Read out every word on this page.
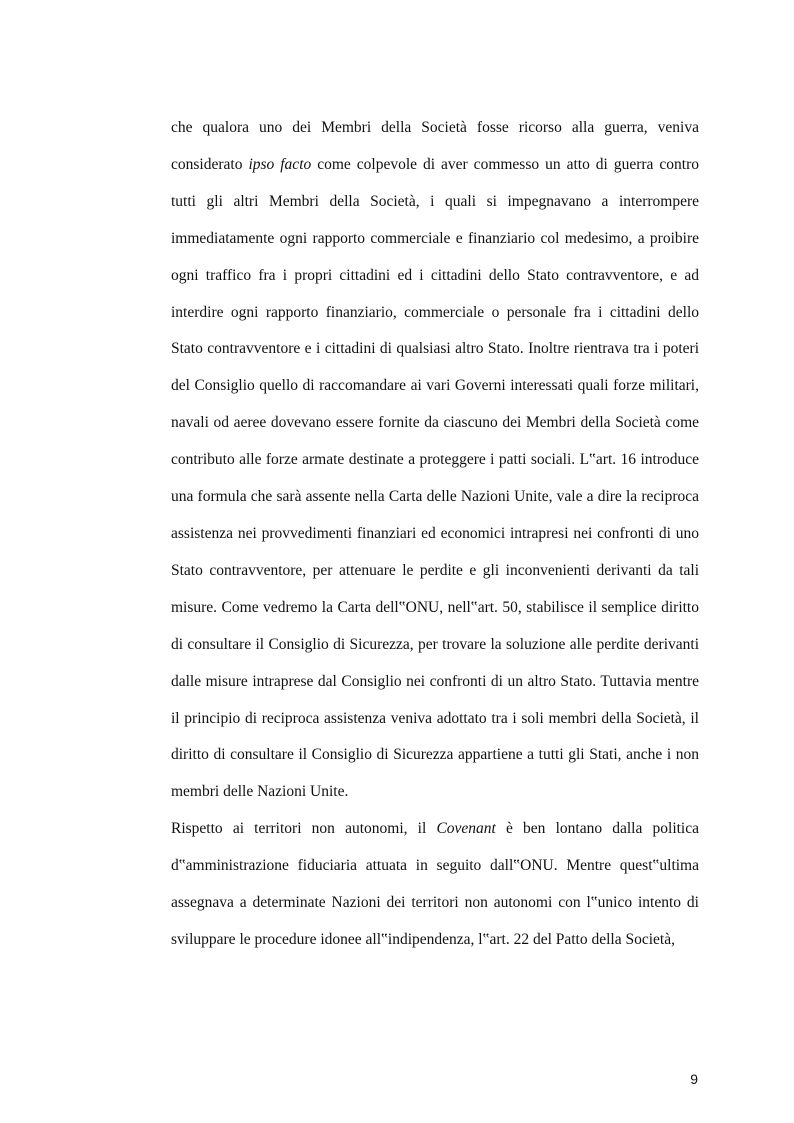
che qualora uno dei Membri della Società fosse ricorso alla guerra, veniva considerato ipso facto come colpevole di aver commesso un atto di guerra contro tutti gli altri Membri della Società, i quali si impegnavano a interrompere immediatamente ogni rapporto commerciale e finanziario col medesimo, a proibire ogni traffico fra i propri cittadini ed i cittadini dello Stato contravventore, e ad interdire ogni rapporto finanziario, commerciale o personale fra i cittadini dello Stato contravventore e i cittadini di qualsiasi altro Stato. Inoltre rientrava tra i poteri del Consiglio quello di raccomandare ai vari Governi interessati quali forze militari, navali od aeree dovevano essere fornite da ciascuno dei Membri della Società come contributo alle forze armate destinate a proteggere i patti sociali. L‟art. 16 introduce una formula che sarà assente nella Carta delle Nazioni Unite, vale a dire la reciproca assistenza nei provvedimenti finanziari ed economici intrapresi nei confronti di uno Stato contravventore, per attenuare le perdite e gli inconvenienti derivanti da tali misure. Come vedremo la Carta dell‟ONU, nell‟art. 50, stabilisce il semplice diritto di consultare il Consiglio di Sicurezza, per trovare la soluzione alle perdite derivanti dalle misure intraprese dal Consiglio nei confronti di un altro Stato. Tuttavia mentre il principio di reciproca assistenza veniva adottato tra i soli membri della Società, il diritto di consultare il Consiglio di Sicurezza appartiene a tutti gli Stati, anche i non membri delle Nazioni Unite.

Rispetto ai territori non autonomi, il Covenant è ben lontano dalla politica d‟amministrazione fiduciaria attuata in seguito dall‟ONU. Mentre quest‟ultima assegnava a determinate Nazioni dei territori non autonomi con l‟unico intento di sviluppare le procedure idonee all‟indipendenza, l‟art. 22 del Patto della Società,

9
